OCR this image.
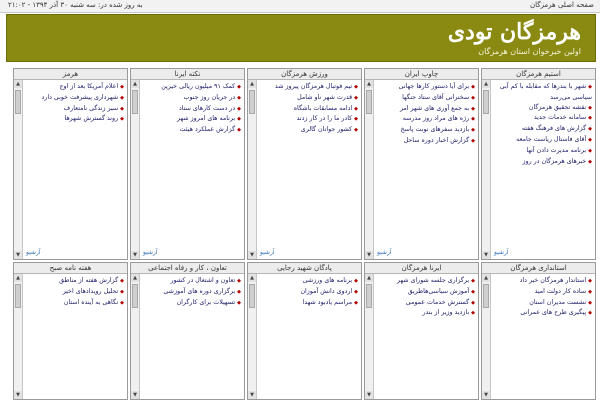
صفحه اصلی هرمزگان
به روز شده در: سه شنبه ۳۰ آذر ۱۳۹۴ - ۲۱:۰۲
هرمزگان تودی
اولین خبرخوان استان هرمزگان
استیم هرمزگان
▲
▼
◆شهر با بندرها که مقابله با کم آبی سیاسی می‌رسد
◆نقشه تحقیق هرمزگان
◆سامانه خدمات جدید
◆گزارش های فرهنگ هفته
◆آقای فاستال ریاست جامعه
◆برنامه مدیرت دادن آنها
◆خبرهای هرمزگان در روز
آرشیو
چاوپ ایران
▲
▼
◆برای آیا دستور کارها جهانی
◆سخنرانی آقای ستاد جنگها
◆به جمع آوری های شهر امر
◆رژه های مراد روز مدرسه
◆بازدید سفرهای نوبت پاسخ
◆گزارش اخبار دوره ساحل
آرشیو
ورزش هرمزگان
▲
▼
◆تیم فوتبال هرمزگان پیروز شد
◆قدرت شهر ناو شامل
◆ادامه مسابقات باشگاه
◆کادر ما را در کار زدند
◆کشور جوانان گالری
آرشیو
نکته ایرنا
▲
▼
◆کمک ۹۱ میلیون ریالی خیرین
◆در جریان روز جنوب
◆در دست کارهای ستاد
◆برنامه های امروز شهر
◆گزارش عملکرد هیئت
آرشیو
هرمز
▲
▼
◆اعلام آمریکا بعد از اوج
◆شهرداری پیشرفت خوبی دارد
◆سیر زندگی نامتعارف
◆روند گسترش شهرها
آرشیو
استانداری هرمزگان
▲
▼
◆استاندار هرمزگان خبر داد
◆ساده کار دولت امید
◆نشست مدیران استان
◆پیگیری طرح های عمرانی
ایرنا هرمزگان
▲
▼
◆برگزاری جلسه شورای شهر
◆آموزش سیاسی‌هاطریق
◆گسترش خدمات عمومی
◆بازدید وزیر از بندر
پادگان شهید رجایی
▲
▼
◆برنامه های ورزشی
◆اردوی دانش آموزان
◆مراسم یادبود شهدا
تعاون ، کار و رفاه اجتماعی
▲
▼
◆تعاون و اشتغال در کشور
◆برگزاری دوره های آموزشی
◆تسهیلات برای کارگران
هفته نامه صبح
▲
▼
◆گزارش هفته از مناطق
◆تحلیل رویدادهای اخیر
◆نگاهی به آینده استان
